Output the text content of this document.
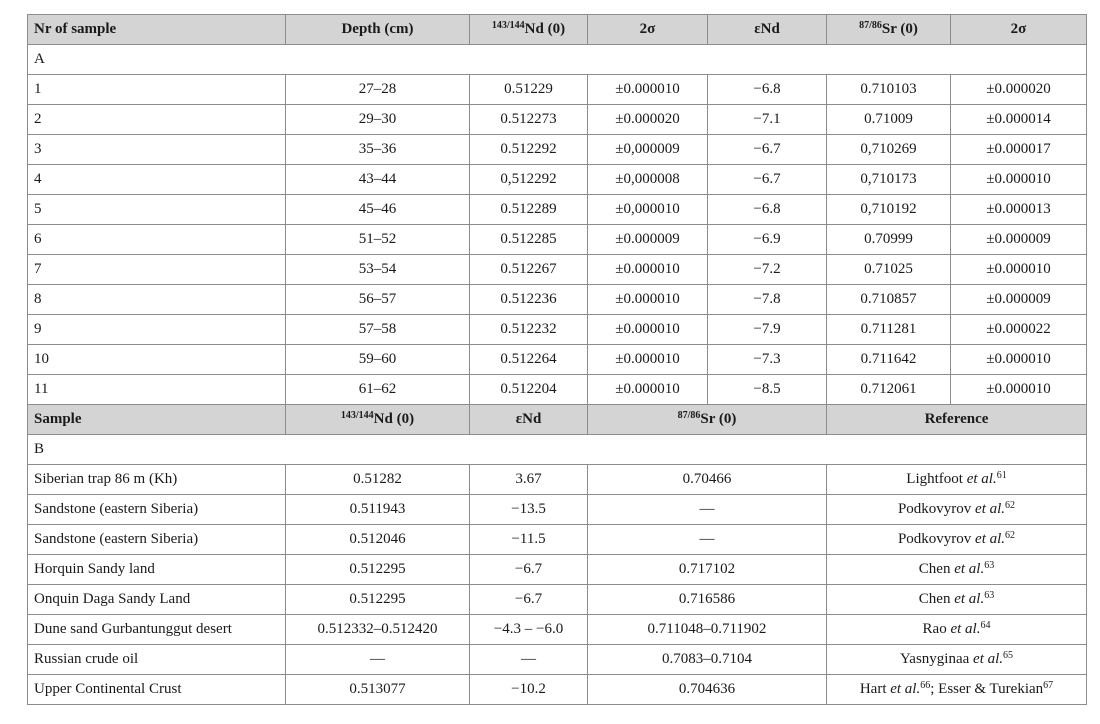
Nr of sample	Depth (cm)	$^{143/144}$Nd (0)	2σ	εNd	$^{87/86}$Sr (0)	2σ
A						
1	27–28	0.51229	±0.000010	−6.8	0.710103	±0.000020
2	29–30	0.512273	±0.000020	−7.1	0.71009	±0.000014
3	35–36	0.512292	±0,000009	−6.7	0,710269	±0.000017
4	43–44	0,512292	±0,000008	−6.7	0,710173	±0.000010
5	45–46	0.512289	±0,000010	−6.8	0,710192	±0.000013
6	51–52	0.512285	±0.000009	−6.9	0.70999	±0.000009
7	53–54	0.512267	±0.000010	−7.2	0.71025	±0.000010
8	56–57	0.512236	±0.000010	−7.8	0.710857	±0.000009
9	57–58	0.512232	±0.000010	−7.9	0.711281	±0.000022
10	59–60	0.512264	±0.000010	−7.3	0.711642	±0.000010
11	61–62	0.512204	±0.000010	−8.5	0.712061	±0.000010
Sample	$^{143/144}$Nd (0)	εNd	$^{87/86}$Sr (0)		Reference	
B						
Siberian trap 86 m (Kh)	0.51282	3.67	0.70466		Lightfoot et al.$^{61}$
Sandstone (eastern Siberia)	0.511943	−13.5	—		Podkovyrov et al.$^{62}$
Sandstone (eastern Siberia)	0.512046	−11.5	—		Podkovyrov et al.$^{62}$
Horquin Sandy land	0.512295	−6.7	0.717102		Chen et al.$^{63}$
Onquin Daga Sandy Land	0.512295	−6.7	0.716586		Chen et al.$^{63}$
Dune sand Gurbantunggut desert	0.512332–0.512420	−4.3 – −6.0	0.711048–0.711902		Rao et al.$^{64}$
Russian crude oil	—	—	0.7083–0.7104		Yasnyginaa et al.$^{65}$
Upper Continental Crust	0.513077	−10.2	0.704636		Hart et al.$^{66}$; Esser & Turekian$^{67}$
